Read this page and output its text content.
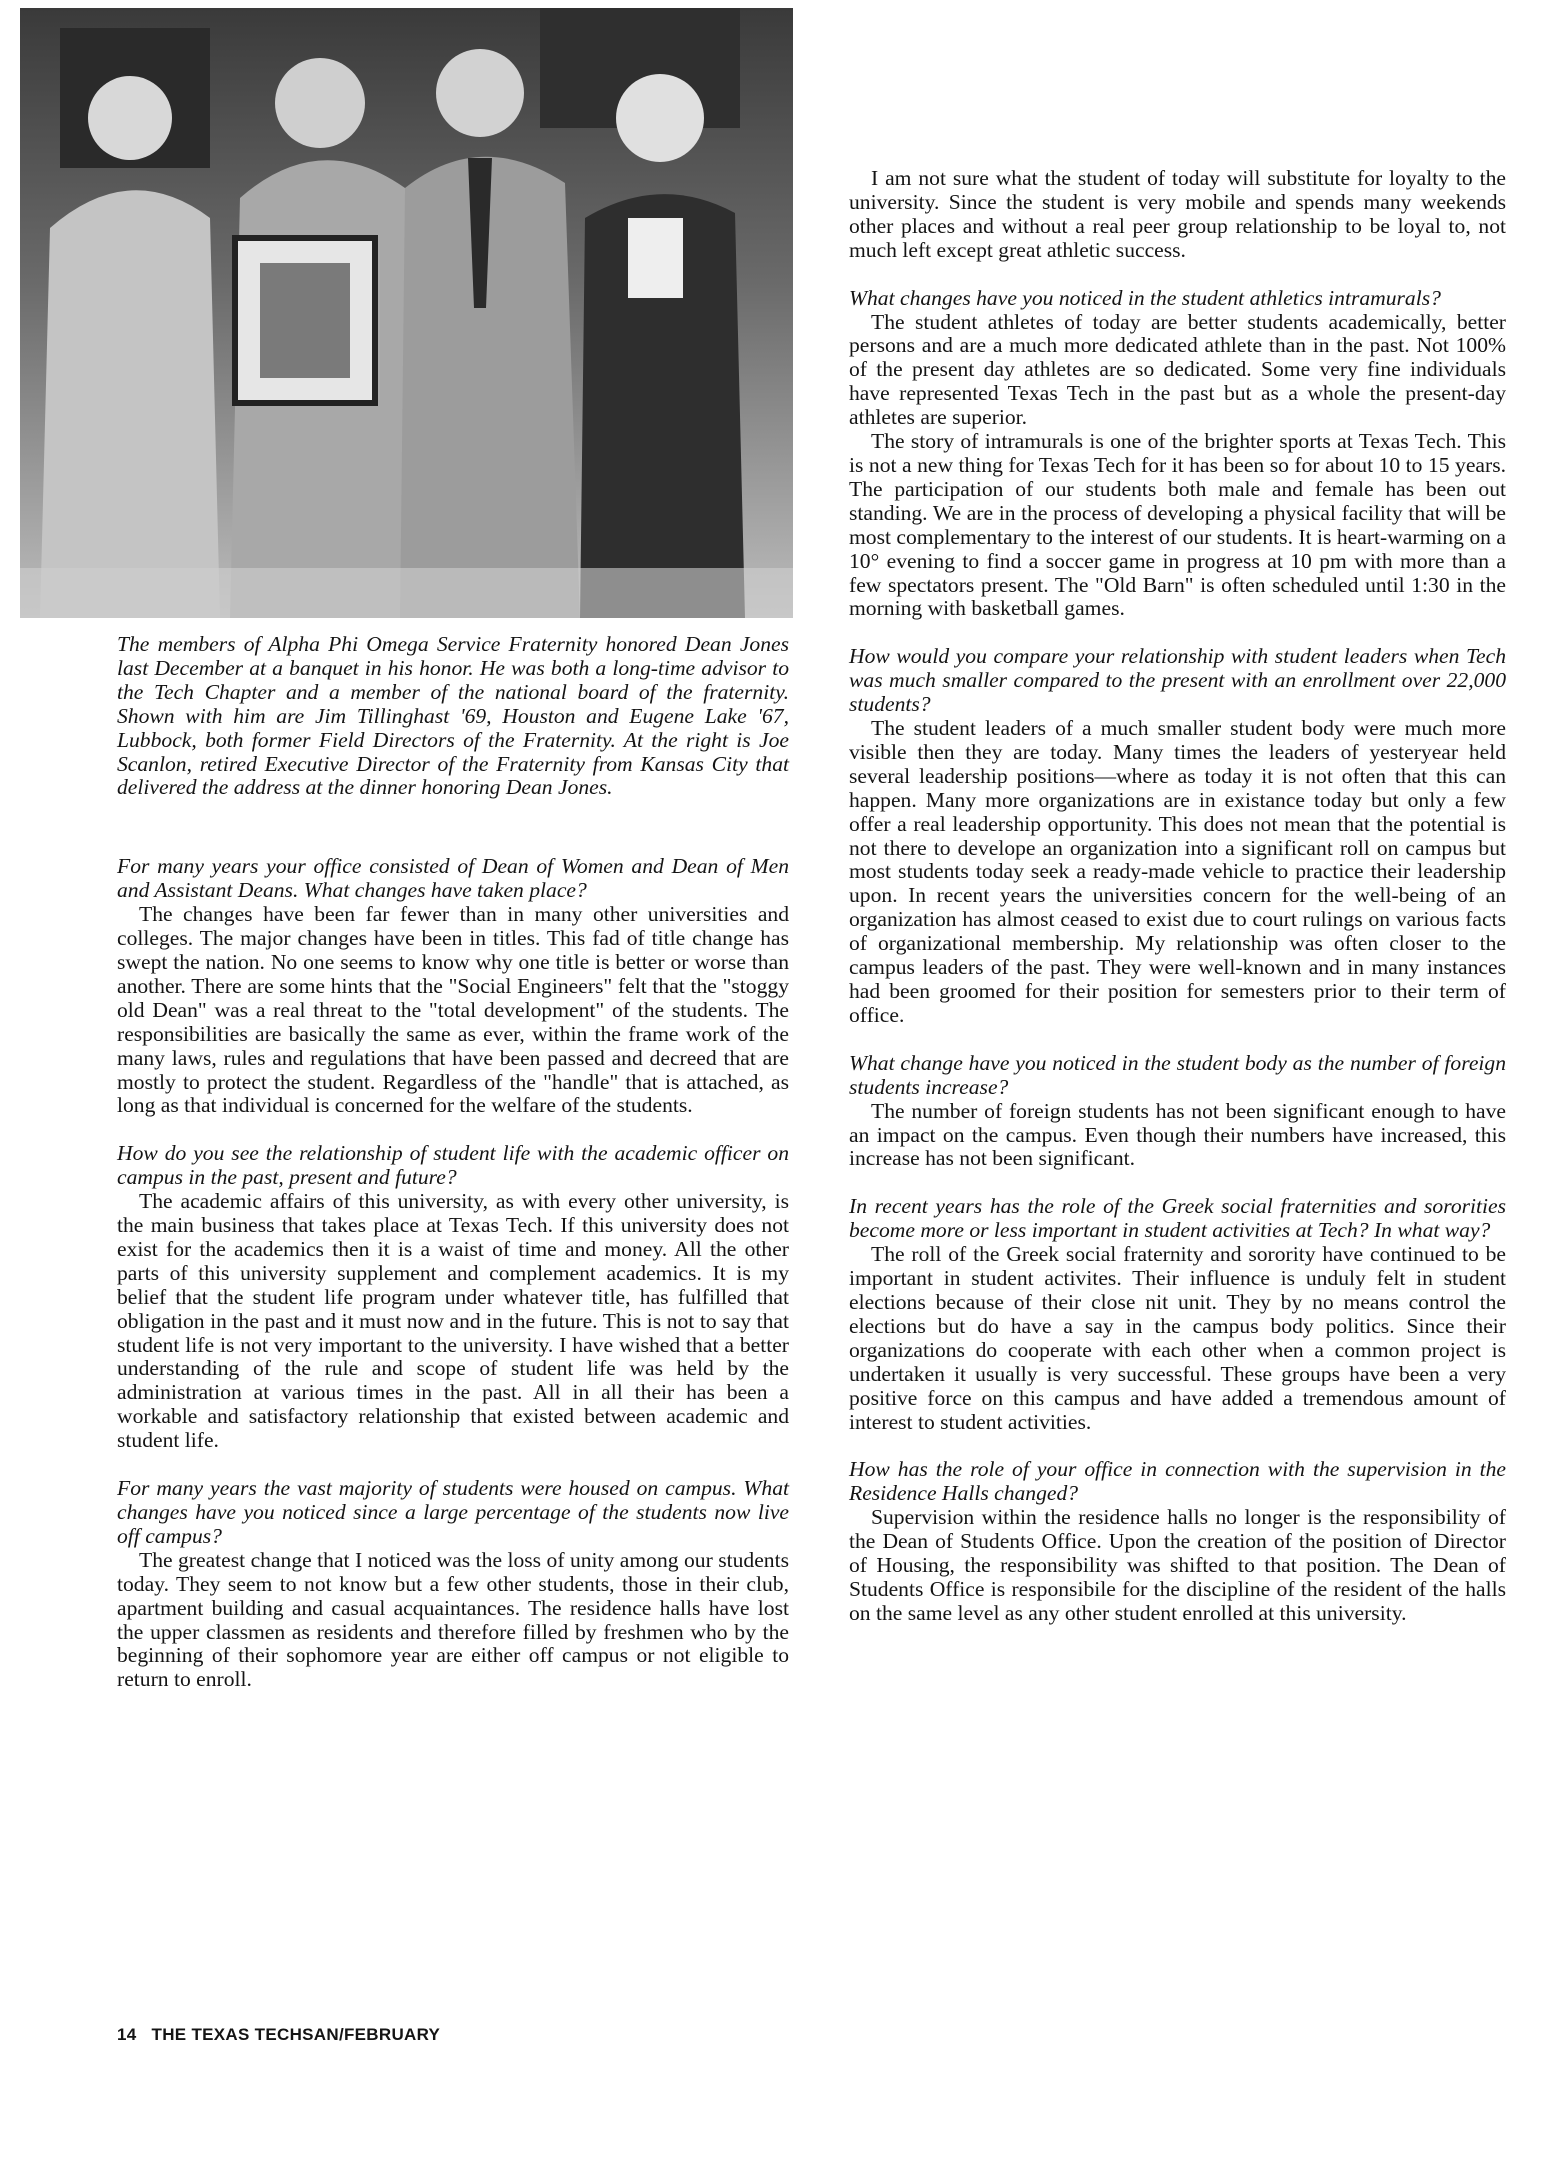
The members of Alpha Phi Omega Service Fraternity honored Dean Jones last December at a banquet in his honor. He was both a long-time advisor to the Tech Chapter and a member of the national board of the fraternity. Shown with him are Jim Tillinghast '69, Houston and Eugene Lake '67, Lubbock, both former Field Directors of the Fraternity. At the right is Joe Scanlon, retired Executive Director of the Fraternity from Kansas City that delivered the address at the dinner honoring Dean Jones.

For many years your office consisted of Dean of Women and Dean of Men and Assistant Deans. What changes have taken place?

The changes have been far fewer than in many other universities and colleges. The major changes have been in titles. This fad of title change has swept the nation. No one seems to know why one title is better or worse than another. There are some hints that the "Social Engineers" felt that the "stoggy old Dean" was a real threat to the "total development" of the students. The responsibilities are basically the same as ever, within the frame work of the many laws, rules and regulations that have been passed and decreed that are mostly to protect the student. Regardless of the "handle" that is attached, as long as that individual is concerned for the welfare of the students.

How do you see the relationship of student life with the academic officer on campus in the past, present and future?

The academic affairs of this university, as with every other university, is the main business that takes place at Texas Tech. If this university does not exist for the academics then it is a waist of time and money. All the other parts of this university supplement and complement academics. It is my belief that the student life program under whatever title, has fulfilled that obligation in the past and it must now and in the future. This is not to say that student life is not very important to the university. I have wished that a better understanding of the rule and scope of student life was held by the administration at various times in the past. All in all their has been a workable and satisfactory relationship that existed between academic and student life.

For many years the vast majority of students were housed on campus. What changes have you noticed since a large percentage of the students now live off campus?

The greatest change that I noticed was the loss of unity among our students today. They seem to not know but a few other students, those in their club, apartment building and casual acquaintances. The residence halls have lost the upper classmen as residents and therefore filled by freshmen who by the beginning of their sophomore year are either off campus or not eligible to return to enroll.

I am not sure what the student of today will substitute for loyalty to the university. Since the student is very mobile and spends many weekends other places and without a real peer group relationship to be loyal to, not much left except great athletic success.

What changes have you noticed in the student athletics intramurals?

The student athletes of today are better students academically, better persons and are a much more dedicated athlete than in the past. Not 100% of the present day athletes are so dedicated. Some very fine individuals have represented Texas Tech in the past but as a whole the present-day athletes are superior.

The story of intramurals is one of the brighter sports at Texas Tech. This is not a new thing for Texas Tech for it has been so for about 10 to 15 years. The participation of our students both male and female has been out standing. We are in the process of developing a physical facility that will be most complementary to the interest of our students. It is heart-warming on a 10° evening to find a soccer game in progress at 10 pm with more than a few spectators present. The "Old Barn" is often scheduled until 1:30 in the morning with basketball games.

How would you compare your relationship with student leaders when Tech was much smaller compared to the present with an enrollment over 22,000 students?

The student leaders of a much smaller student body were much more visible then they are today. Many times the leaders of yesteryear held several leadership positions—where as today it is not often that this can happen. Many more organizations are in existance today but only a few offer a real leadership opportunity. This does not mean that the potential is not there to develope an organization into a significant roll on campus but most students today seek a ready-made vehicle to practice their leadership upon. In recent years the universities concern for the well-being of an organization has almost ceased to exist due to court rulings on various facts of organizational membership. My relationship was often closer to the campus leaders of the past. They were well-known and in many instances had been groomed for their position for semesters prior to their term of office.

What change have you noticed in the student body as the number of foreign students increase?

The number of foreign students has not been significant enough to have an impact on the campus. Even though their numbers have increased, this increase has not been significant.

In recent years has the role of the Greek social fraternities and sororities become more or less important in student activities at Tech? In what way?

The roll of the Greek social fraternity and sorority have continued to be important in student activites. Their influence is unduly felt in student elections because of their close nit unit. They by no means control the elections but do have a say in the campus body politics. Since their organizations do cooperate with each other when a common project is undertaken it usually is very successful. These groups have been a very positive force on this campus and have added a tremendous amount of interest to student activities.

How has the role of your office in connection with the supervision in the Residence Halls changed?

Supervision within the residence halls no longer is the responsibility of the Dean of Students Office. Upon the creation of the position of Director of Housing, the responsibility was shifted to that position. The Dean of Students Office is responsibile for the discipline of the resident of the halls on the same level as any other student enrolled at this university.

14 THE TEXAS TECHSAN/FEBRUARY
